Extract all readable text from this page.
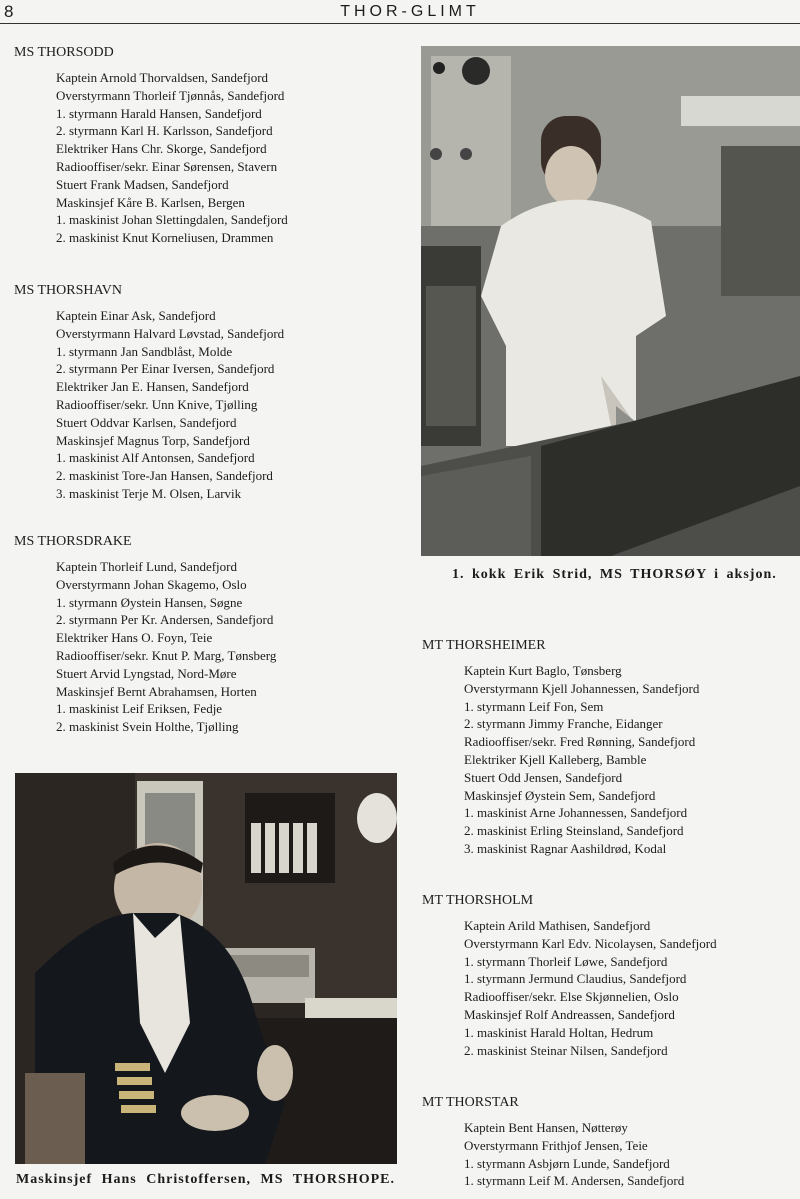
8	THOR-GLIMT
MS THORSODD
Kaptein Arnold Thorvaldsen, Sandefjord
Overstyrmann Thorleif Tjønnås, Sandefjord
1. styrmann Harald Hansen, Sandefjord
2. styrmann Karl H. Karlsson, Sandefjord
Elektriker Hans Chr. Skorge, Sandefjord
Radiooffiser/sekr. Einar Sørensen, Stavern
Stuert Frank Madsen, Sandefjord
Maskinsjef Kåre B. Karlsen, Bergen
1. maskinist Johan Slettingdalen, Sandefjord
2. maskinist Knut Korneliusen, Drammen
MS THORSHAVN
Kaptein Einar Ask, Sandefjord
Overstyrmann Halvard Løvstad, Sandefjord
1. styrmann Jan Sandblåst, Molde
2. styrmann Per Einar Iversen, Sandefjord
Elektriker Jan E. Hansen, Sandefjord
Radiooffiser/sekr. Unn Knive, Tjølling
Stuert Oddvar Karlsen, Sandefjord
Maskinsjef Magnus Torp, Sandefjord
1. maskinist Alf Antonsen, Sandefjord
2. maskinist Tore-Jan Hansen, Sandefjord
3. maskinist Terje M. Olsen, Larvik
MS THORSDRAKE
Kaptein Thorleif Lund, Sandefjord
Overstyrmann Johan Skagemo, Oslo
1. styrmann Øystein Hansen, Søgne
2. styrmann Per Kr. Andersen, Sandefjord
Elektriker Hans O. Foyn, Teie
Radiooffiser/sekr. Knut P. Marg, Tønsberg
Stuert Arvid Lyngstad, Nord-Møre
Maskinsjef Bernt Abrahamsen, Horten
1. maskinist Leif Eriksen, Fedje
2. maskinist Svein Holthe, Tjølling
1. kokk Erik Strid, MS THORSØY i aksjon.
MT THORSHEIMER
Kaptein Kurt Baglo, Tønsberg
Overstyrmann Kjell Johannessen, Sandefjord
1. styrmann Leif Fon, Sem
2. styrmann Jimmy Franche, Eidanger
Radiooffiser/sekr. Fred Rønning, Sandefjord
Elektriker Kjell Kalleberg, Bamble
Stuert Odd Jensen, Sandefjord
Maskinsjef Øystein Sem, Sandefjord
1. maskinist Arne Johannessen, Sandefjord
2. maskinist Erling Steinsland, Sandefjord
3. maskinist Ragnar Aashildrød, Kodal
MT THORSHOLM
Kaptein Arild Mathisen, Sandefjord
Overstyrmann Karl Edv. Nicolaysen, Sandefjord
1. styrmann Thorleif Løwe, Sandefjord
1. styrmann Jermund Claudius, Sandefjord
Radiooffiser/sekr. Else Skjønnelien, Oslo
Maskinsjef Rolf Andreassen, Sandefjord
1. maskinist Harald Holtan, Hedrum
2. maskinist Steinar Nilsen, Sandefjord
MT THORSTAR
Kaptein Bent Hansen, Nøtterøy
Overstyrmann Frithjof Jensen, Teie
1. styrmann Asbjørn Lunde, Sandefjord
1. styrmann Leif M. Andersen, Sandefjord
Maskinsjef Hans Christoffersen, MS THORSHOPE.
